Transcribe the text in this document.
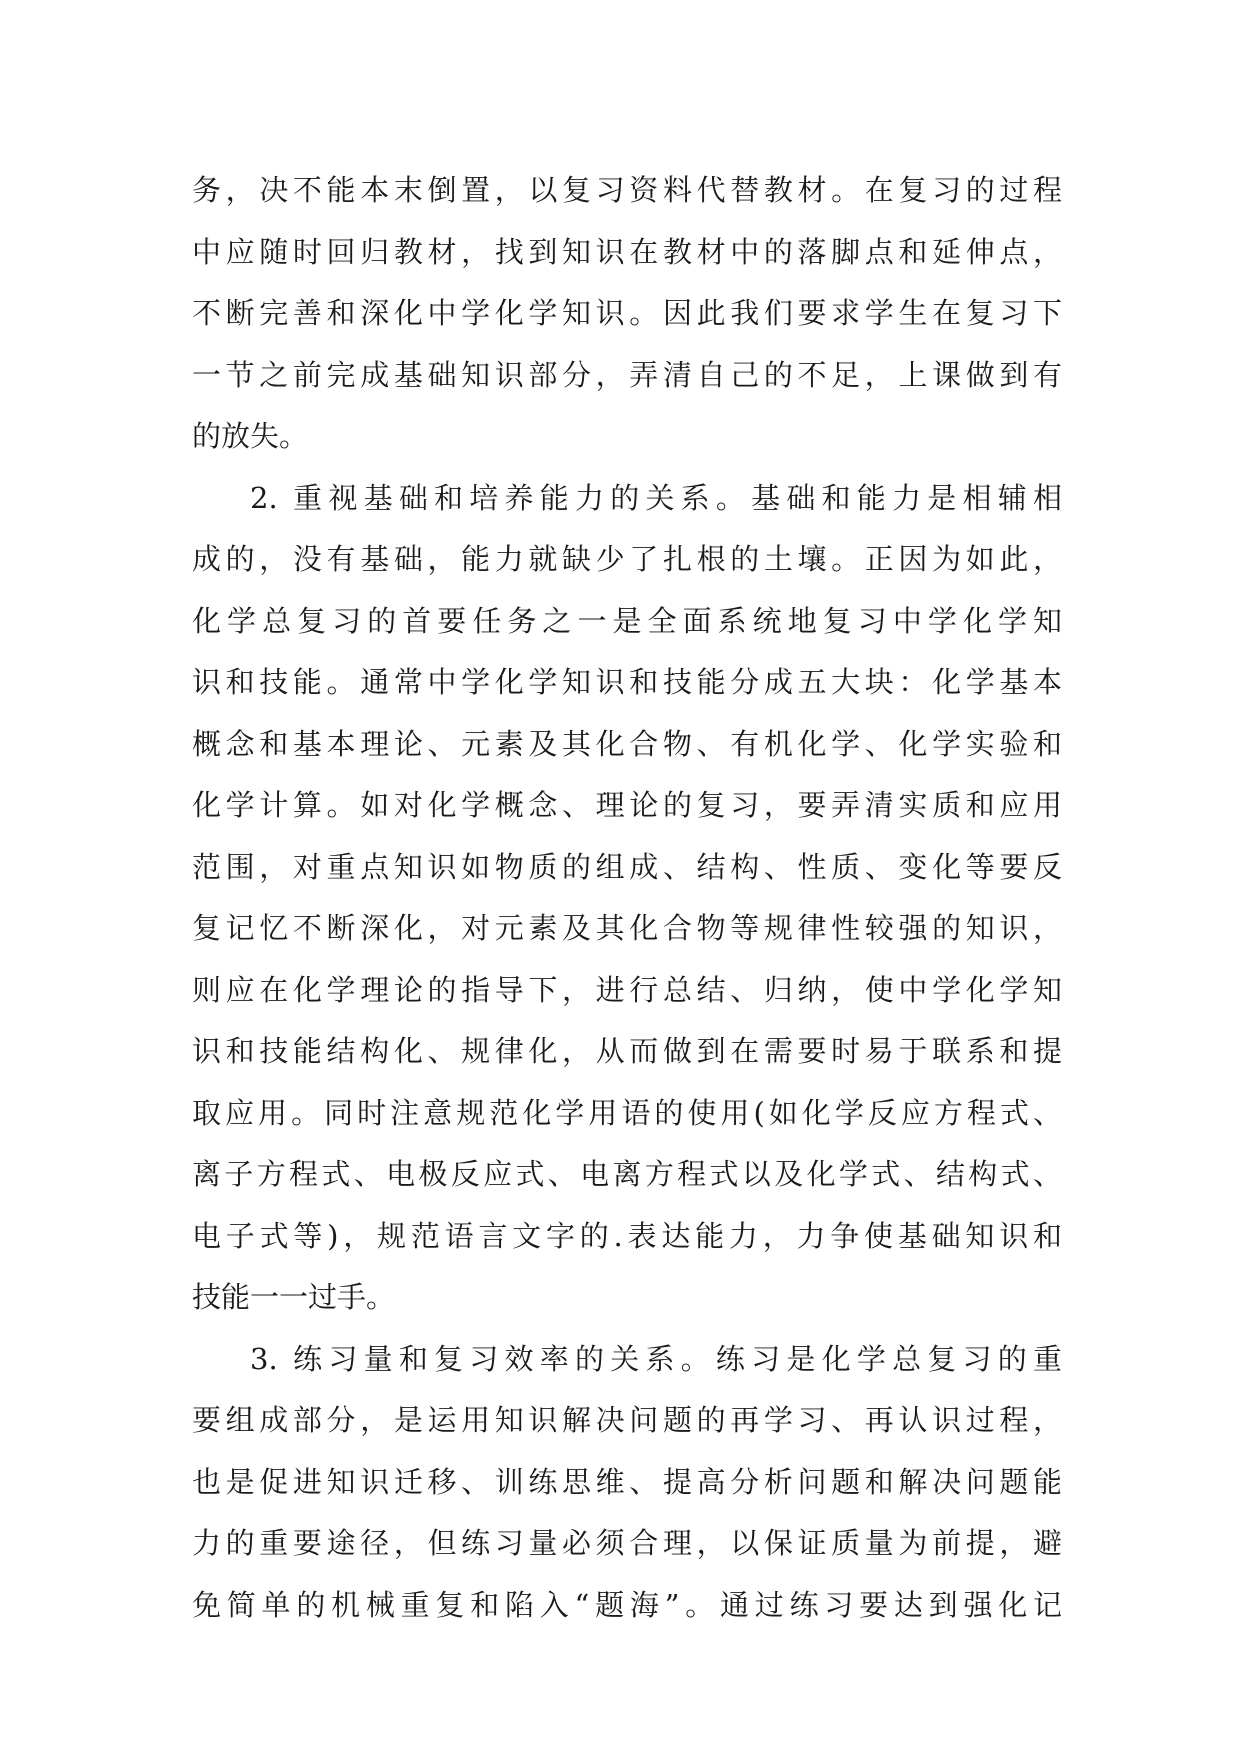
务，决不能本末倒置，以复习资料代替教材。在复习的过程
中应随时回归教材，找到知识在教材中的落脚点和延伸点，
不断完善和深化中学化学知识。因此我们要求学生在复习下
一节之前完成基础知识部分，弄清自己的不足，上课做到有
的放失。
2. 重视基础和培养能力的关系。基础和能力是相辅相
成的，没有基础，能力就缺少了扎根的土壤。正因为如此，
化学总复习的首要任务之一是全面系统地复习中学化学知
识和技能。通常中学化学知识和技能分成五大块：化学基本
概念和基本理论、元素及其化合物、有机化学、化学实验和
化学计算。如对化学概念、理论的复习，要弄清实质和应用
范围，对重点知识如物质的组成、结构、性质、变化等要反
复记忆不断深化，对元素及其化合物等规律性较强的知识，
则应在化学理论的指导下，进行总结、归纳，使中学化学知
识和技能结构化、规律化，从而做到在需要时易于联系和提
取应用。同时注意规范化学用语的使用(如化学反应方程式、
离子方程式、电极反应式、电离方程式以及化学式、结构式、
电子式等)，规范语言文字的.表达能力，力争使基础知识和
技能一一过手。
3. 练习量和复习效率的关系。练习是化学总复习的重
要组成部分，是运用知识解决问题的再学习、再认识过程，
也是促进知识迁移、训练思维、提高分析问题和解决问题能
力的重要途径，但练习量必须合理，以保证质量为前提，避
免简单的机械重复和陷入“题海”。通过练习要达到强化记
